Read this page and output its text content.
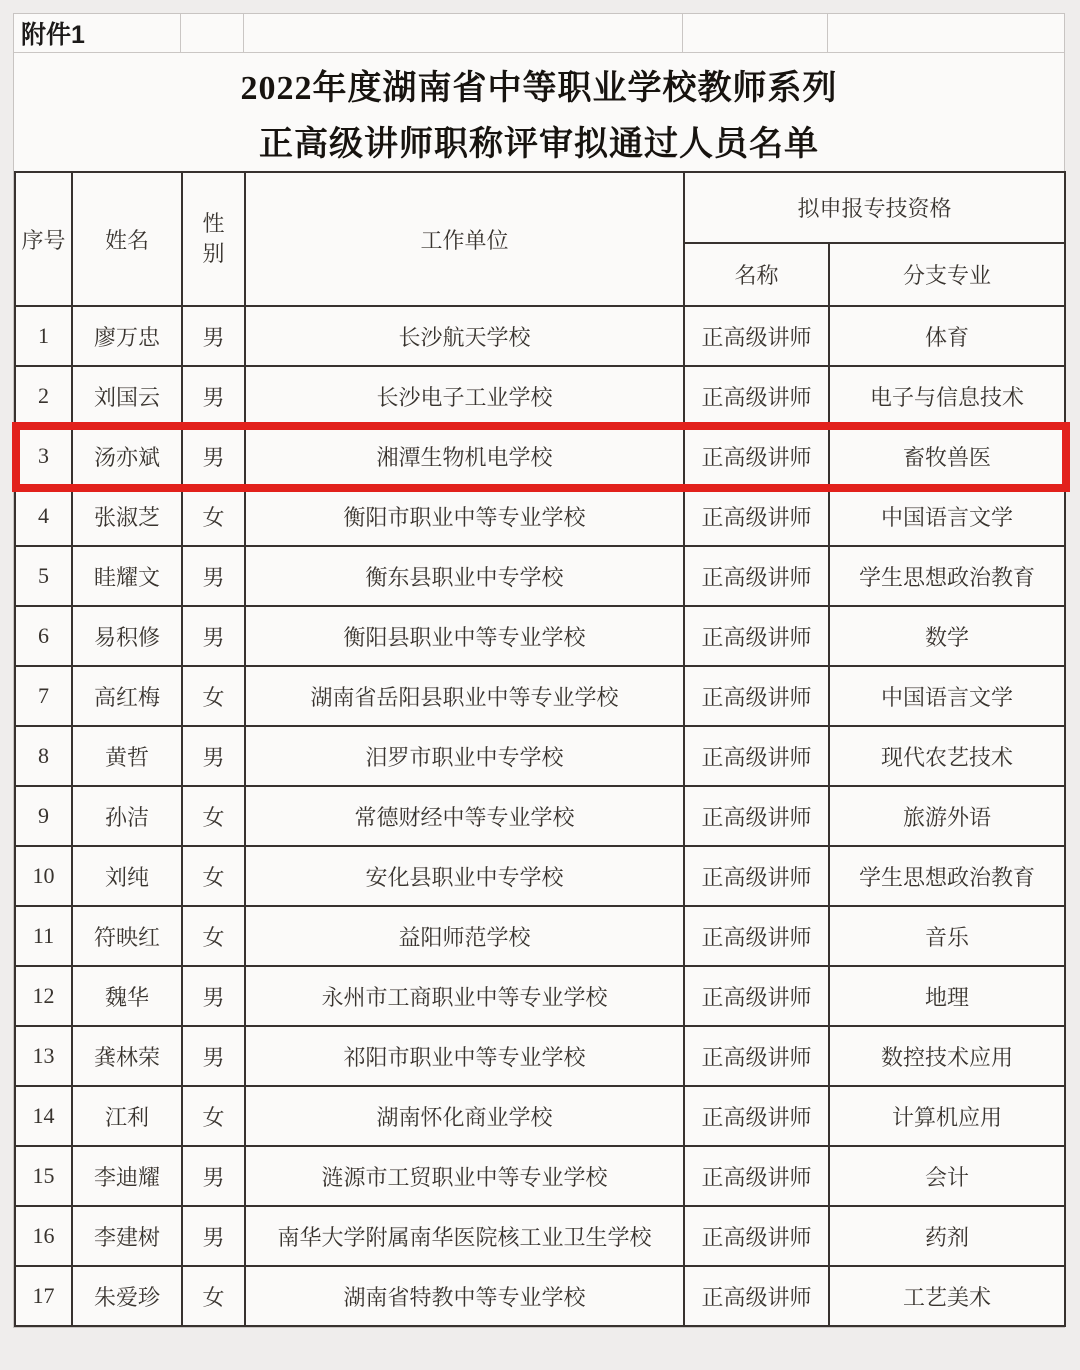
附件1
2022年度湖南省中等职业学校教师系列
正高级讲师职称评审拟通过人员名单
序号	姓名	性别	工作单位	拟申报专技资格	
				名称	分支专业
1	廖万忠	男	长沙航天学校	正高级讲师	体育
2	刘国云	男	长沙电子工业学校	正高级讲师	电子与信息技术
3	汤亦斌	男	湘潭生物机电学校	正高级讲师	畜牧兽医
4	张淑芝	女	衡阳市职业中等专业学校	正高级讲师	中国语言文学
5	眭耀文	男	衡东县职业中专学校	正高级讲师	学生思想政治教育
6	易积修	男	衡阳县职业中等专业学校	正高级讲师	数学
7	高红梅	女	湖南省岳阳县职业中等专业学校	正高级讲师	中国语言文学
8	黄哲	男	汨罗市职业中专学校	正高级讲师	现代农艺技术
9	孙洁	女	常德财经中等专业学校	正高级讲师	旅游外语
10	刘纯	女	安化县职业中专学校	正高级讲师	学生思想政治教育
11	符映红	女	益阳师范学校	正高级讲师	音乐
12	魏华	男	永州市工商职业中等专业学校	正高级讲师	地理
13	龚林荣	男	祁阳市职业中等专业学校	正高级讲师	数控技术应用
14	江利	女	湖南怀化商业学校	正高级讲师	计算机应用
15	李迪耀	男	涟源市工贸职业中等专业学校	正高级讲师	会计
16	李建树	男	南华大学附属南华医院核工业卫生学校	正高级讲师	药剂
17	朱爱珍	女	湖南省特教中等专业学校	正高级讲师	工艺美术
